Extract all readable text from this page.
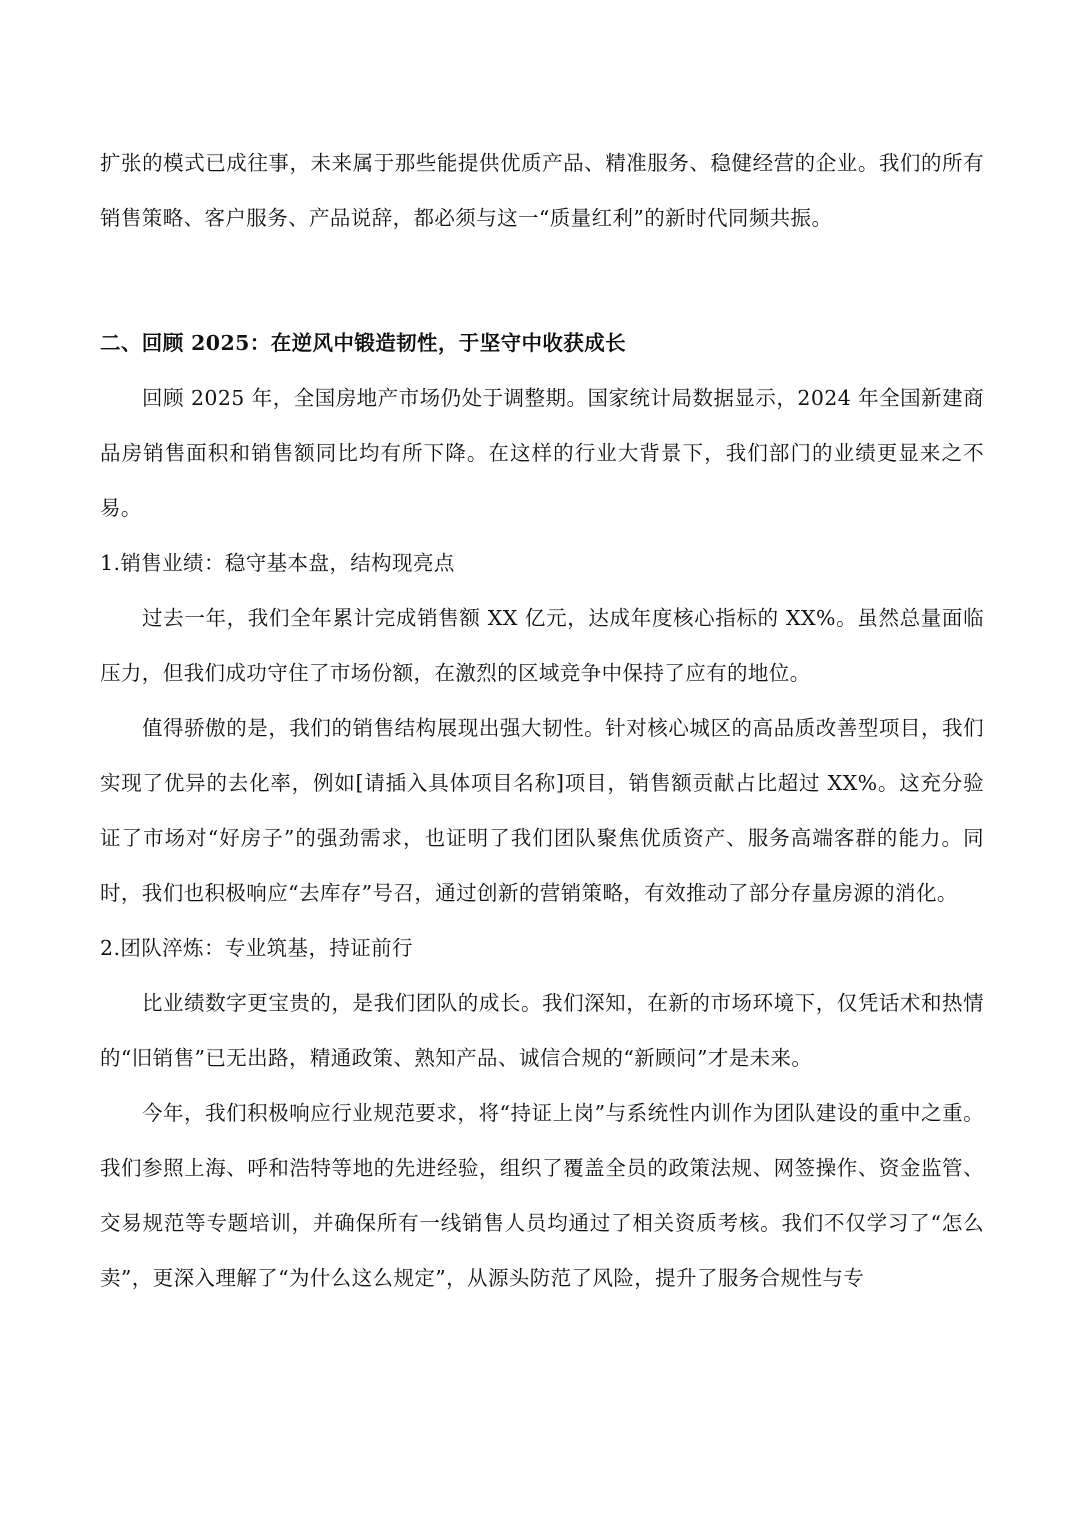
扩张的模式已成往事，未来属于那些能提供优质产品、精准服务、稳健经营的企业。我们的所有销售策略、客户服务、产品说辞，都必须与这一“质量红利”的新时代同频共振。

二、回顾 2025：在逆风中锻造韧性，于坚守中收获成长

回顾 2025 年，全国房地产市场仍处于调整期。国家统计局数据显示，2024 年全国新建商品房销售面积和销售额同比均有所下降。在这样的行业大背景下，我们部门的业绩更显来之不易。

1.销售业绩：稳守基本盘，结构现亮点

过去一年，我们全年累计完成销售额 XX 亿元，达成年度核心指标的 XX%。虽然总量面临压力，但我们成功守住了市场份额，在激烈的区域竞争中保持了应有的地位。

值得骄傲的是，我们的销售结构展现出强大韧性。针对核心城区的高品质改善型项目，我们实现了优异的去化率，例如[请插入具体项目名称]项目，销售额贡献占比超过 XX%。这充分验证了市场对“好房子”的强劲需求，也证明了我们团队聚焦优质资产、服务高端客群的能力。同时，我们也积极响应“去库存”号召，通过创新的营销策略，有效推动了部分存量房源的消化。

2.团队淬炼：专业筑基，持证前行

比业绩数字更宝贵的，是我们团队的成长。我们深知，在新的市场环境下，仅凭话术和热情的“旧销售”已无出路，精通政策、熟知产品、诚信合规的“新顾问”才是未来。

今年，我们积极响应行业规范要求，将“持证上岗”与系统性内训作为团队建设的重中之重。我们参照上海、呼和浩特等地的先进经验，组织了覆盖全员的政策法规、网签操作、资金监管、交易规范等专题培训，并确保所有一线销售人员均通过了相关资质考核。我们不仅学习了“怎么卖”，更深入理解了“为什么这么规定”，从源头防范了风险，提升了服务合规性与专
